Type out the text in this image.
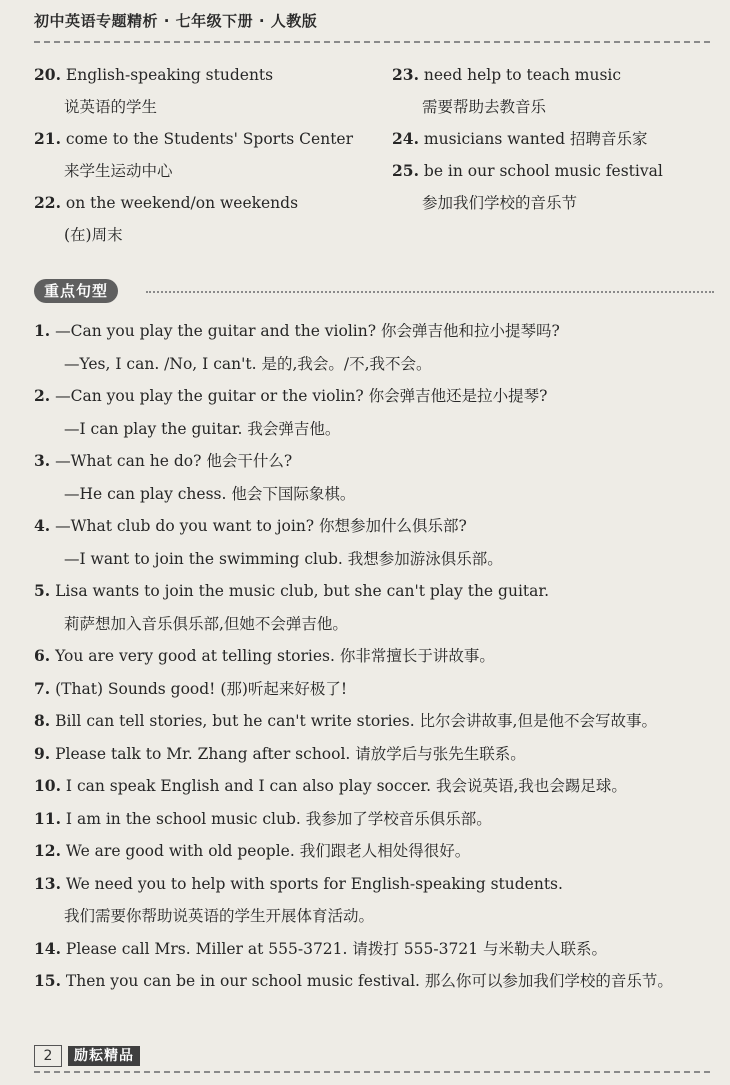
初中英语专题精析 · 七年级下册 · 人教版
20. English-speaking students
说英语的学生
21. come to the Students' Sports Center
来学生运动中心
22. on the weekend/on weekends
(在)周末
23. need help to teach music
需要帮助去教音乐
24. musicians wanted 招聘音乐家
25. be in our school music festival
参加我们学校的音乐节
重点句型
1. —Can you play the guitar and the violin? 你会弹吉他和拉小提琴吗?
—Yes, I can. /No, I can't. 是的,我会。/不,我不会。
2. —Can you play the guitar or the violin? 你会弹吉他还是拉小提琴?
—I can play the guitar. 我会弹吉他。
3. —What can he do? 他会干什么?
—He can play chess. 他会下国际象棋。
4. —What club do you want to join? 你想参加什么俱乐部?
—I want to join the swimming club. 我想参加游泳俱乐部。
5. Lisa wants to join the music club, but she can't play the guitar.
莉萨想加入音乐俱乐部,但她不会弹吉他。
6. You are very good at telling stories. 你非常擅长于讲故事。
7. (That) Sounds good! (那)听起来好极了!
8. Bill can tell stories, but he can't write stories. 比尔会讲故事,但是他不会写故事。
9. Please talk to Mr. Zhang after school. 请放学后与张先生联系。
10. I can speak English and I can also play soccer. 我会说英语,我也会踢足球。
11. I am in the school music club. 我参加了学校音乐俱乐部。
12. We are good with old people. 我们跟老人相处得很好。
13. We need you to help with sports for English-speaking students.
我们需要你帮助说英语的学生开展体育活动。
14. Please call Mrs. Miller at 555-3721. 请拨打 555-3721 与米勒夫人联系。
15. Then you can be in our school music festival. 那么你可以参加我们学校的音乐节。
2	励耘精品
